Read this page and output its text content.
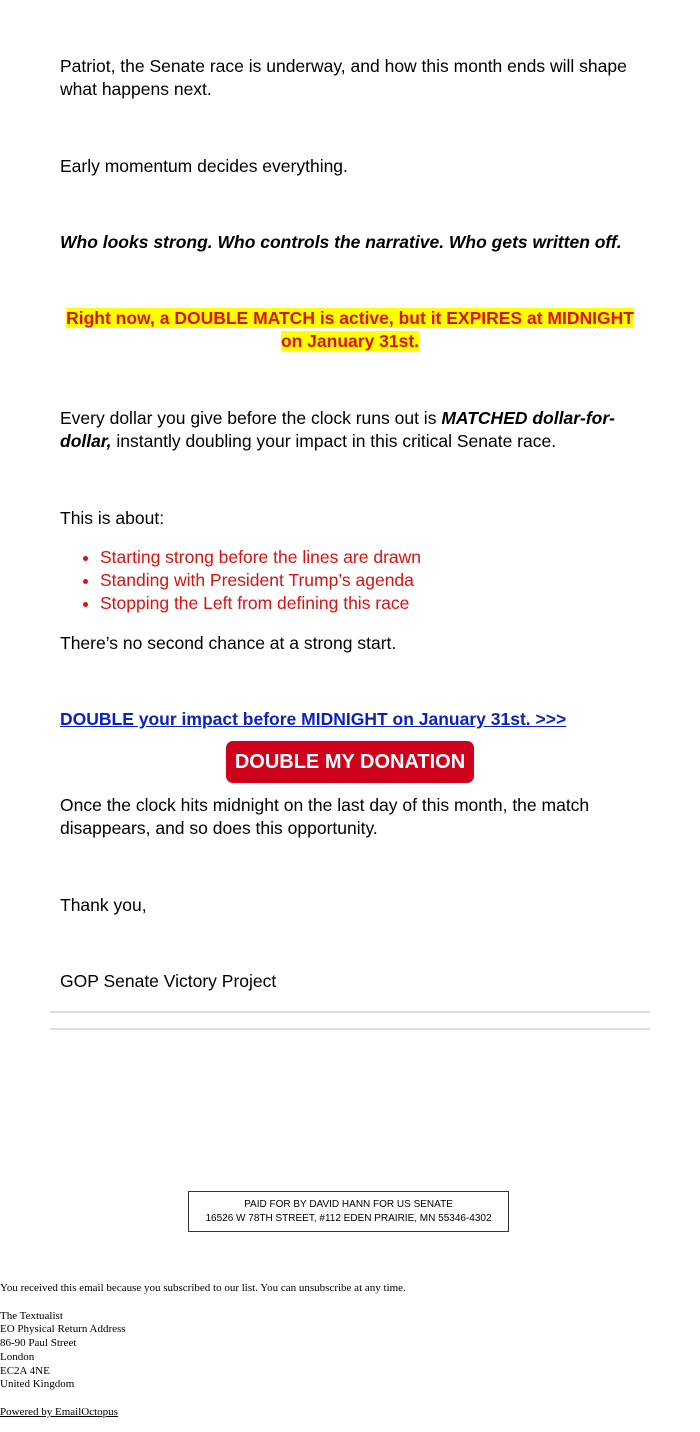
Patriot, the Senate race is underway, and how this month ends will shape what happens next.

Early momentum decides everything.

Who looks strong. Who controls the narrative. Who gets written off.

Right now, a DOUBLE MATCH is active, but it EXPIRES at MIDNIGHT on January 31st.

Every dollar you give before the clock runs out is MATCHED dollar-for-dollar, instantly doubling your impact in this critical Senate race.

This is about:

• Starting strong before the lines are drawn
• Standing with President Trump’s agenda
• Stopping the Left from defining this race

There’s no second chance at a strong start.

DOUBLE your impact before MIDNIGHT on January 31st. >>>

Once the clock hits midnight on the last day of this month, the match disappears, and so does this opportunity.

Thank you,

GOP Senate Victory Project

DOUBLE MY DONATION
PAID FOR BY DAVID HANN FOR US SENATE
16526 W 78TH STREET, #112 EDEN PRAIRIE, MN 55346-4302
You received this email because you subscribed to our list. You can unsubscribe at any time.
The Textualist
EO Physical Return Address
86-90 Paul Street
London
EC2A 4NE
United Kingdom
Powered by EmailOctopus
